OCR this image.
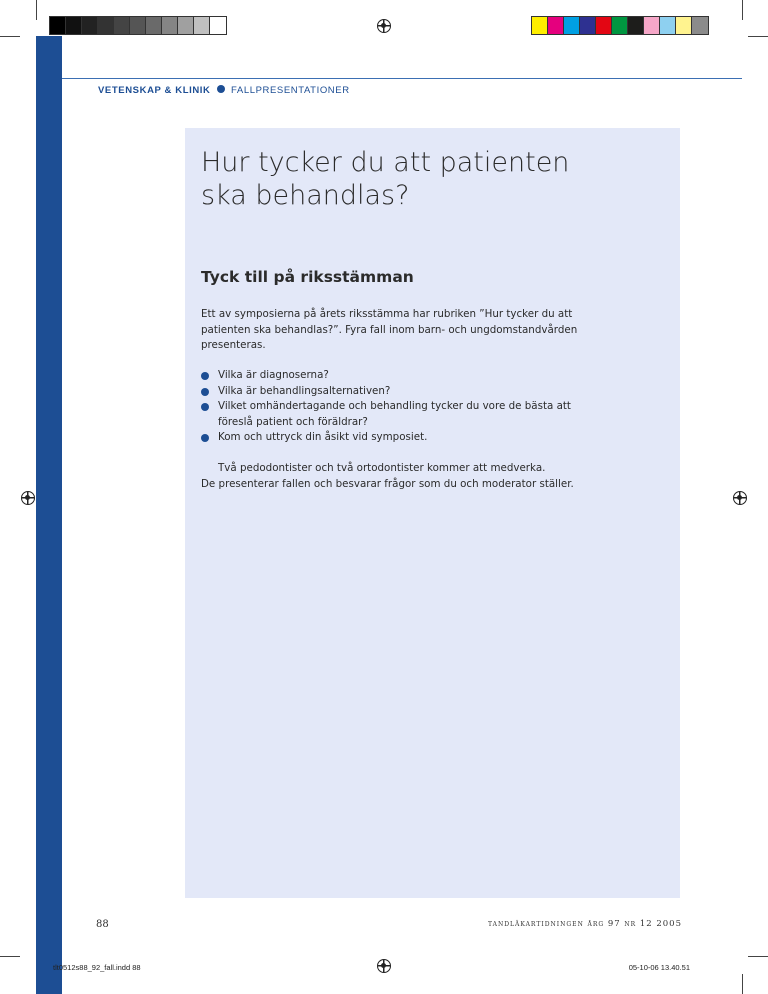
VETENSKAP & KLINIK FALLPRESENTATIONER
Hur tycker du att patienten ska behandlas?
Tyck till på riksstämman

Ett av symposierna på årets riksstämma har rubriken ”Hur tycker du att patienten ska behandlas?”. Fyra fall inom barn- och ungdomstandvården presenteras.

Vilka är diagnoserna?
Vilka är behandlingsalternativen?
Vilket omhändertagande och behandling tycker du vore de bästa att föreslå patient och föräldrar?
Kom och uttryck din åsikt vid symposiet.

Två pedodontister och två ortodontister kommer att medverka.
De presenterar fallen och besvarar frågor som du och moderator ställer.

88	tandläkartidningen årg 97 nr 12 2005
tlt0512s88_92_fall.indd 88	05-10-06 13.40.51
